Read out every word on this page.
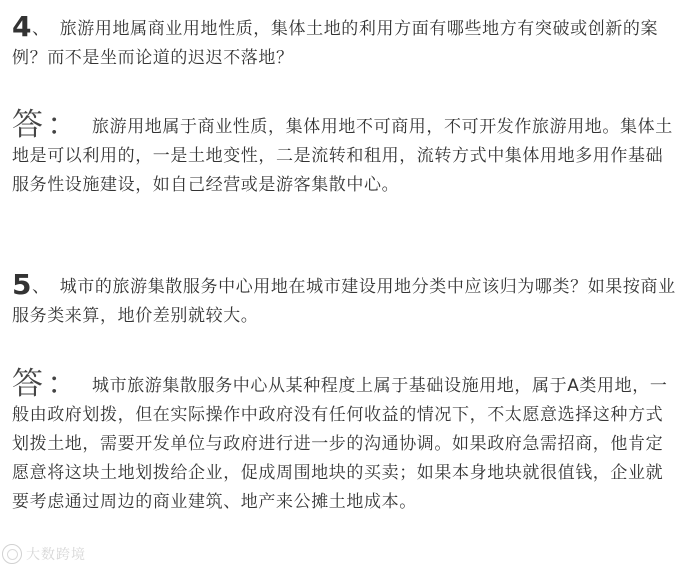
4、 旅游用地属商业用地性质，集体土地的利用方面有哪些地方有突破或创新的案例？而不是坐而论道的迟迟不落地？

答： 旅游用地属于商业性质，集体用地不可商用，不可开发作旅游用地。集体土地是可以利用的，一是土地变性，二是流转和租用，流转方式中集体用地多用作基础服务性设施建设，如自己经营或是游客集散中心。

5、 城市的旅游集散服务中心用地在城市建设用地分类中应该归为哪类？如果按商业服务类来算，地价差别就较大。

答： 城市旅游集散服务中心从某种程度上属于基础设施用地，属于A类用地，一般由政府划拨，但在实际操作中政府没有任何收益的情况下，不太愿意选择这种方式划拨土地，需要开发单位与政府进行进一步的沟通协调。如果政府急需招商，他肯定愿意将这块土地划拨给企业，促成周围地块的买卖；如果本身地块就很值钱，企业就要考虑通过周边的商业建筑、地产来公摊土地成本。

大数跨境
